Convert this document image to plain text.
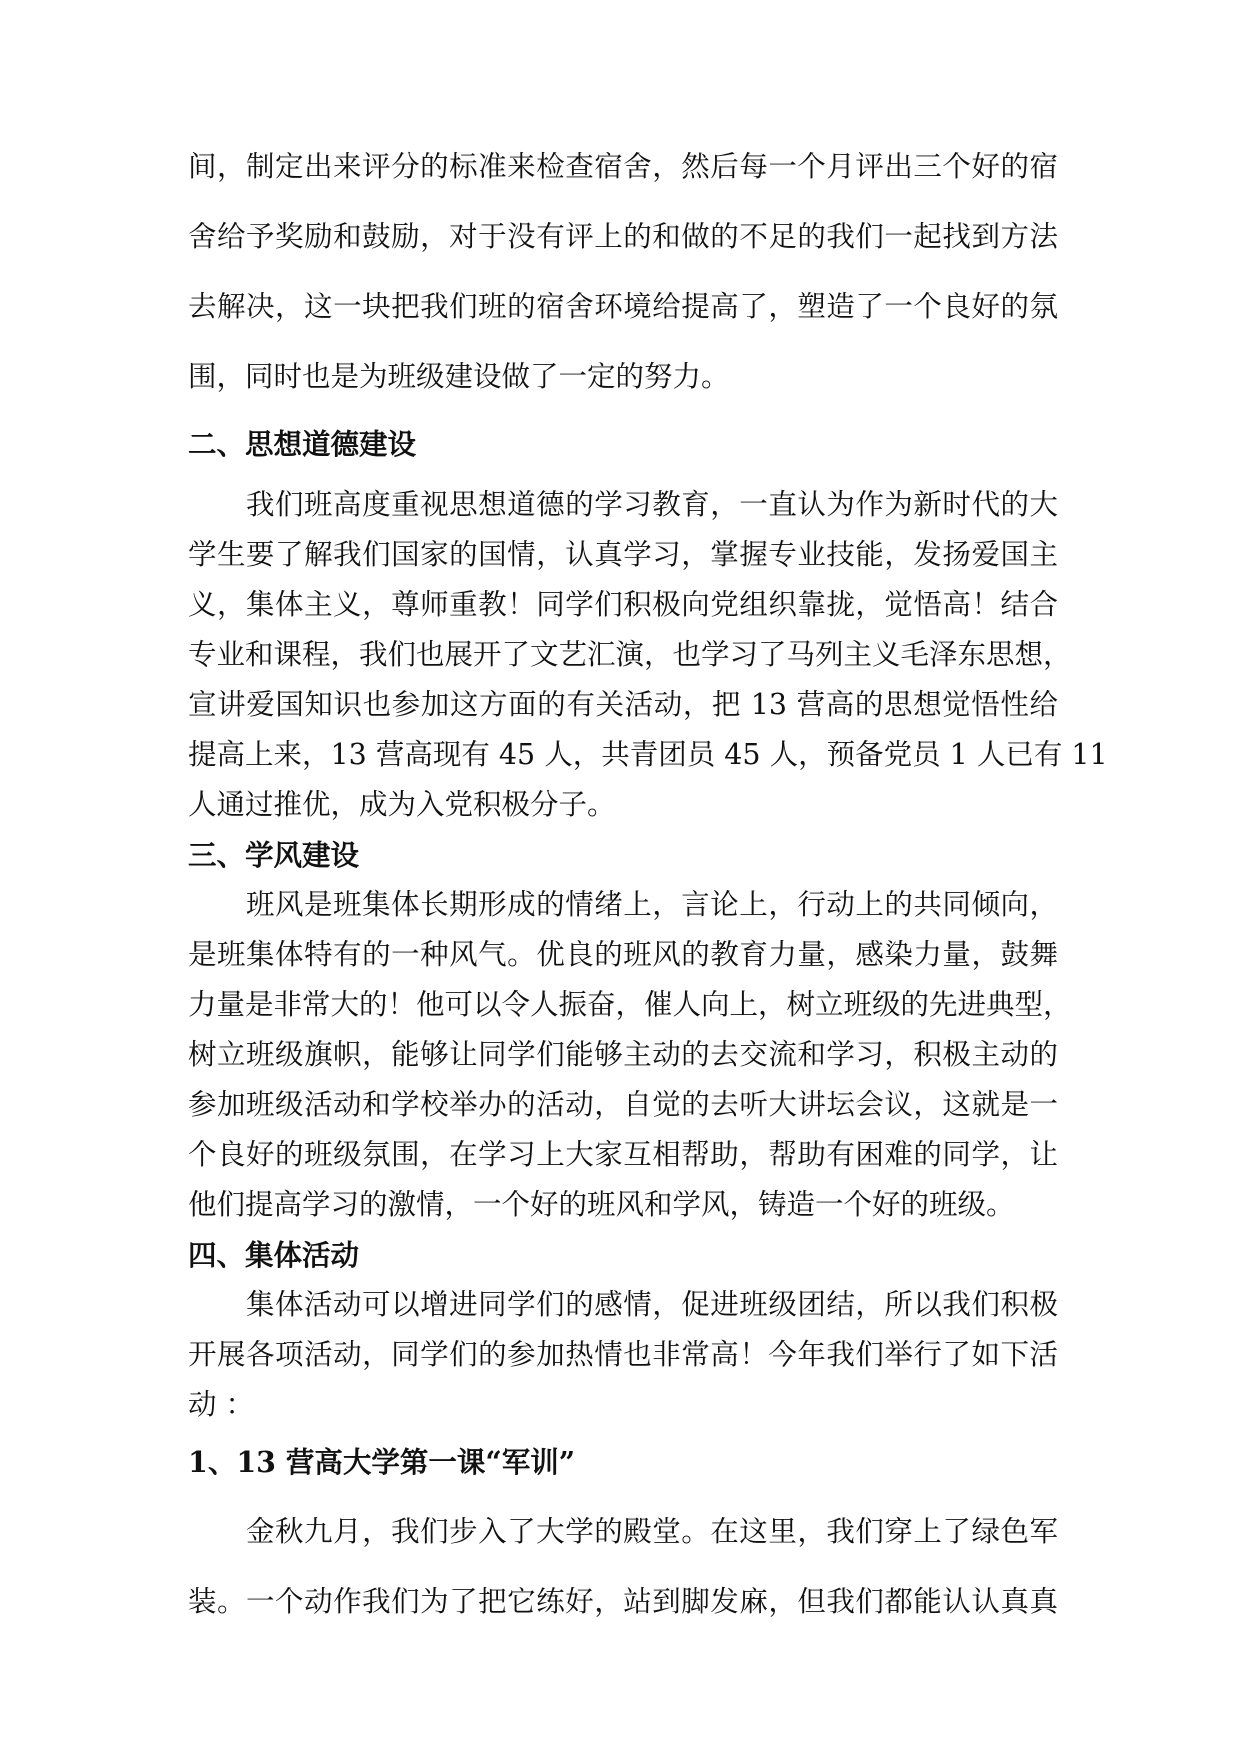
间，制定出来评分的标准来检查宿舍，然后每一个月评出三个好的宿
舍给予奖励和鼓励，对于没有评上的和做的不足的我们一起找到方法
去解决，这一块把我们班的宿舍环境给提高了，塑造了一个良好的氛
围，同时也是为班级建设做了一定的努力。
二、思想道德建设
我们班高度重视思想道德的学习教育，一直认为作为新时代的大
学生要了解我们国家的国情，认真学习，掌握专业技能，发扬爱国主
义，集体主义，尊师重教！同学们积极向党组织靠拢，觉悟高！结合
专业和课程，我们也展开了文艺汇演，也学习了马列主义毛泽东思想，
宣讲爱国知识也参加这方面的有关活动，把 13 营高的思想觉悟性给
提高上来，13 营高现有 45 人，共青团员 45 人，预备党员 1 人已有 11
人通过推优，成为入党积极分子。
三、学风建设
班风是班集体长期形成的情绪上，言论上，行动上的共同倾向，
是班集体特有的一种风气。优良的班风的教育力量，感染力量，鼓舞
力量是非常大的！他可以令人振奋，催人向上，树立班级的先进典型，
树立班级旗帜，能够让同学们能够主动的去交流和学习，积极主动的
参加班级活动和学校举办的活动，自觉的去听大讲坛会议，这就是一
个良好的班级氛围，在学习上大家互相帮助，帮助有困难的同学，让
他们提高学习的激情，一个好的班风和学风，铸造一个好的班级。
四、集体活动
集体活动可以增进同学们的感情，促进班级团结，所以我们积极
开展各项活动，同学们的参加热情也非常高！今年我们举行了如下活
动 ：
1、13 营高大学第一课“军训”
金秋九月，我们步入了大学的殿堂。在这里，我们穿上了绿色军
装。一个动作我们为了把它练好，站到脚发麻，但我们都能认认真真
